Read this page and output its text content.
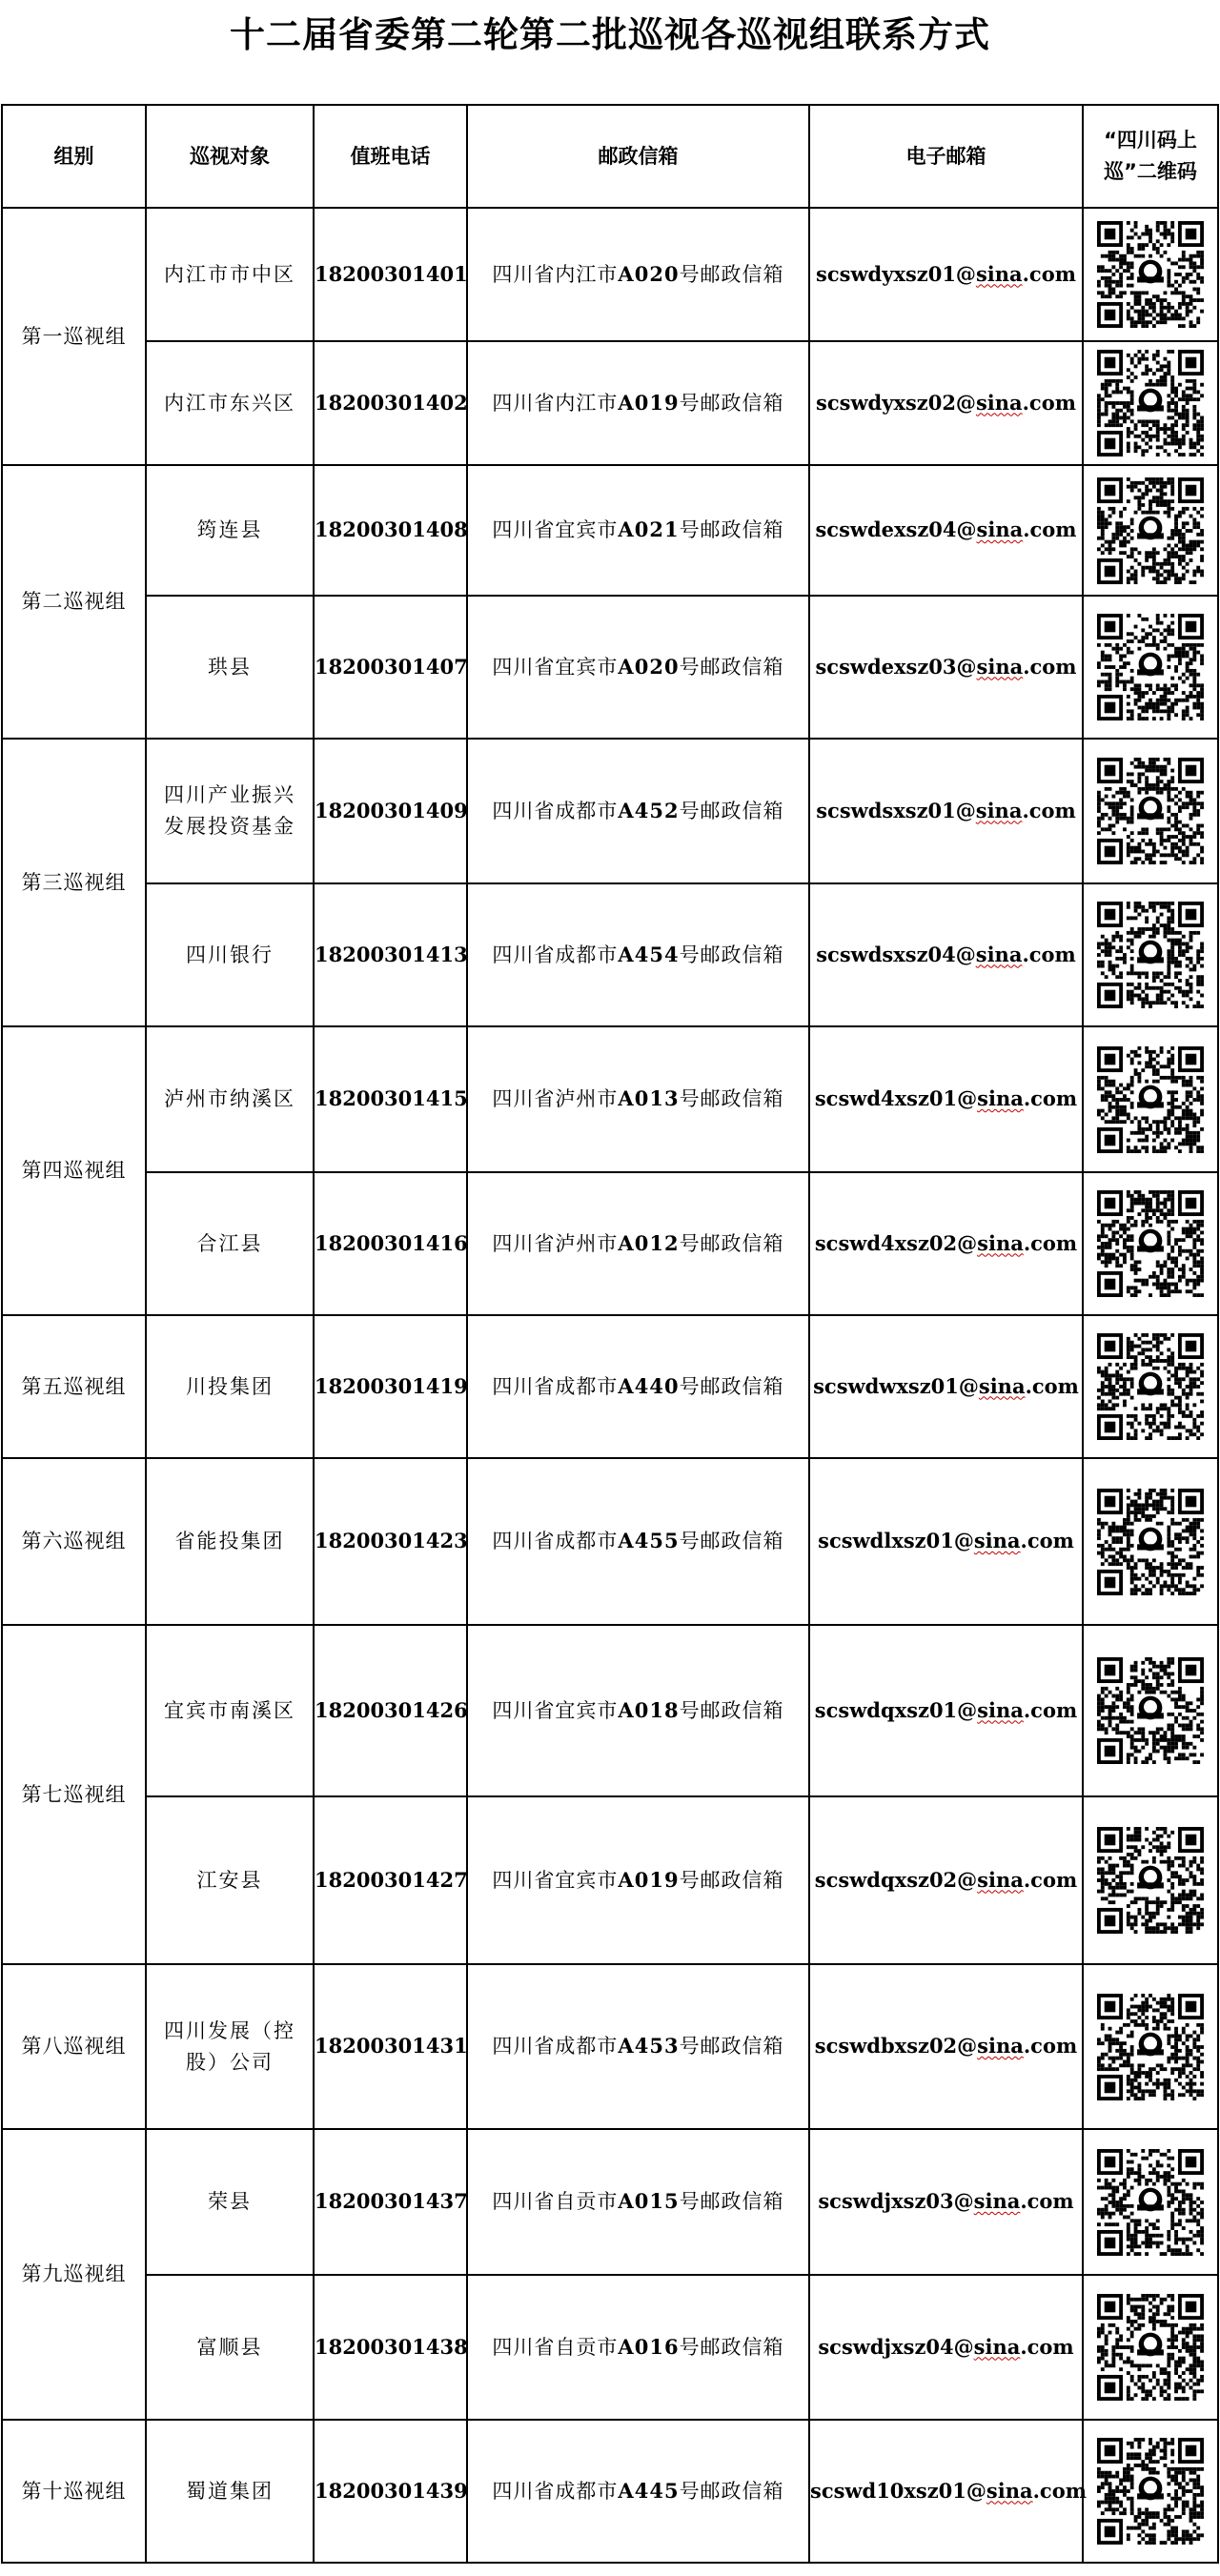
十二届省委第二轮第二批巡视各巡视组联系方式
组别	巡视对象	值班电话	邮政信箱	电子邮箱	“四川码上巡”二维码
第一巡视组	内江市市中区	18200301401	四川省内江市A020号邮政信箱	scswdyxsz01@sina.com	

	内江市东兴区	18200301402	四川省内江市A019号邮政信箱	scswdyxsz02@sina.com	

第二巡视组	筠连县	18200301408	四川省宜宾市A021号邮政信箱	scswdexsz04@sina.com	

	珙县	18200301407	四川省宜宾市A020号邮政信箱	scswdexsz03@sina.com	

第三巡视组	四川产业振兴发展投资基金	18200301409	四川省成都市A452号邮政信箱	scswdsxsz01@sina.com	

	四川银行	18200301413	四川省成都市A454号邮政信箱	scswdsxsz04@sina.com	

第四巡视组	泸州市纳溪区	18200301415	四川省泸州市A013号邮政信箱	scswd4xsz01@sina.com	

	合江县	18200301416	四川省泸州市A012号邮政信箱	scswd4xsz02@sina.com	

第五巡视组	川投集团	18200301419	四川省成都市A440号邮政信箱	scswdwxsz01@sina.com	

第六巡视组	省能投集团	18200301423	四川省成都市A455号邮政信箱	scswdlxsz01@sina.com	

第七巡视组	宜宾市南溪区	18200301426	四川省宜宾市A018号邮政信箱	scswdqxsz01@sina.com	

	江安县	18200301427	四川省宜宾市A019号邮政信箱	scswdqxsz02@sina.com	

第八巡视组	四川发展（控股）公司	18200301431	四川省成都市A453号邮政信箱	scswdbxsz02@sina.com	

第九巡视组	荣县	18200301437	四川省自贡市A015号邮政信箱	scswdjxsz03@sina.com	

	富顺县	18200301438	四川省自贡市A016号邮政信箱	scswdjxsz04@sina.com	

第十巡视组	蜀道集团	18200301439	四川省成都市A445号邮政信箱	scswd10xsz01@sina.com	
